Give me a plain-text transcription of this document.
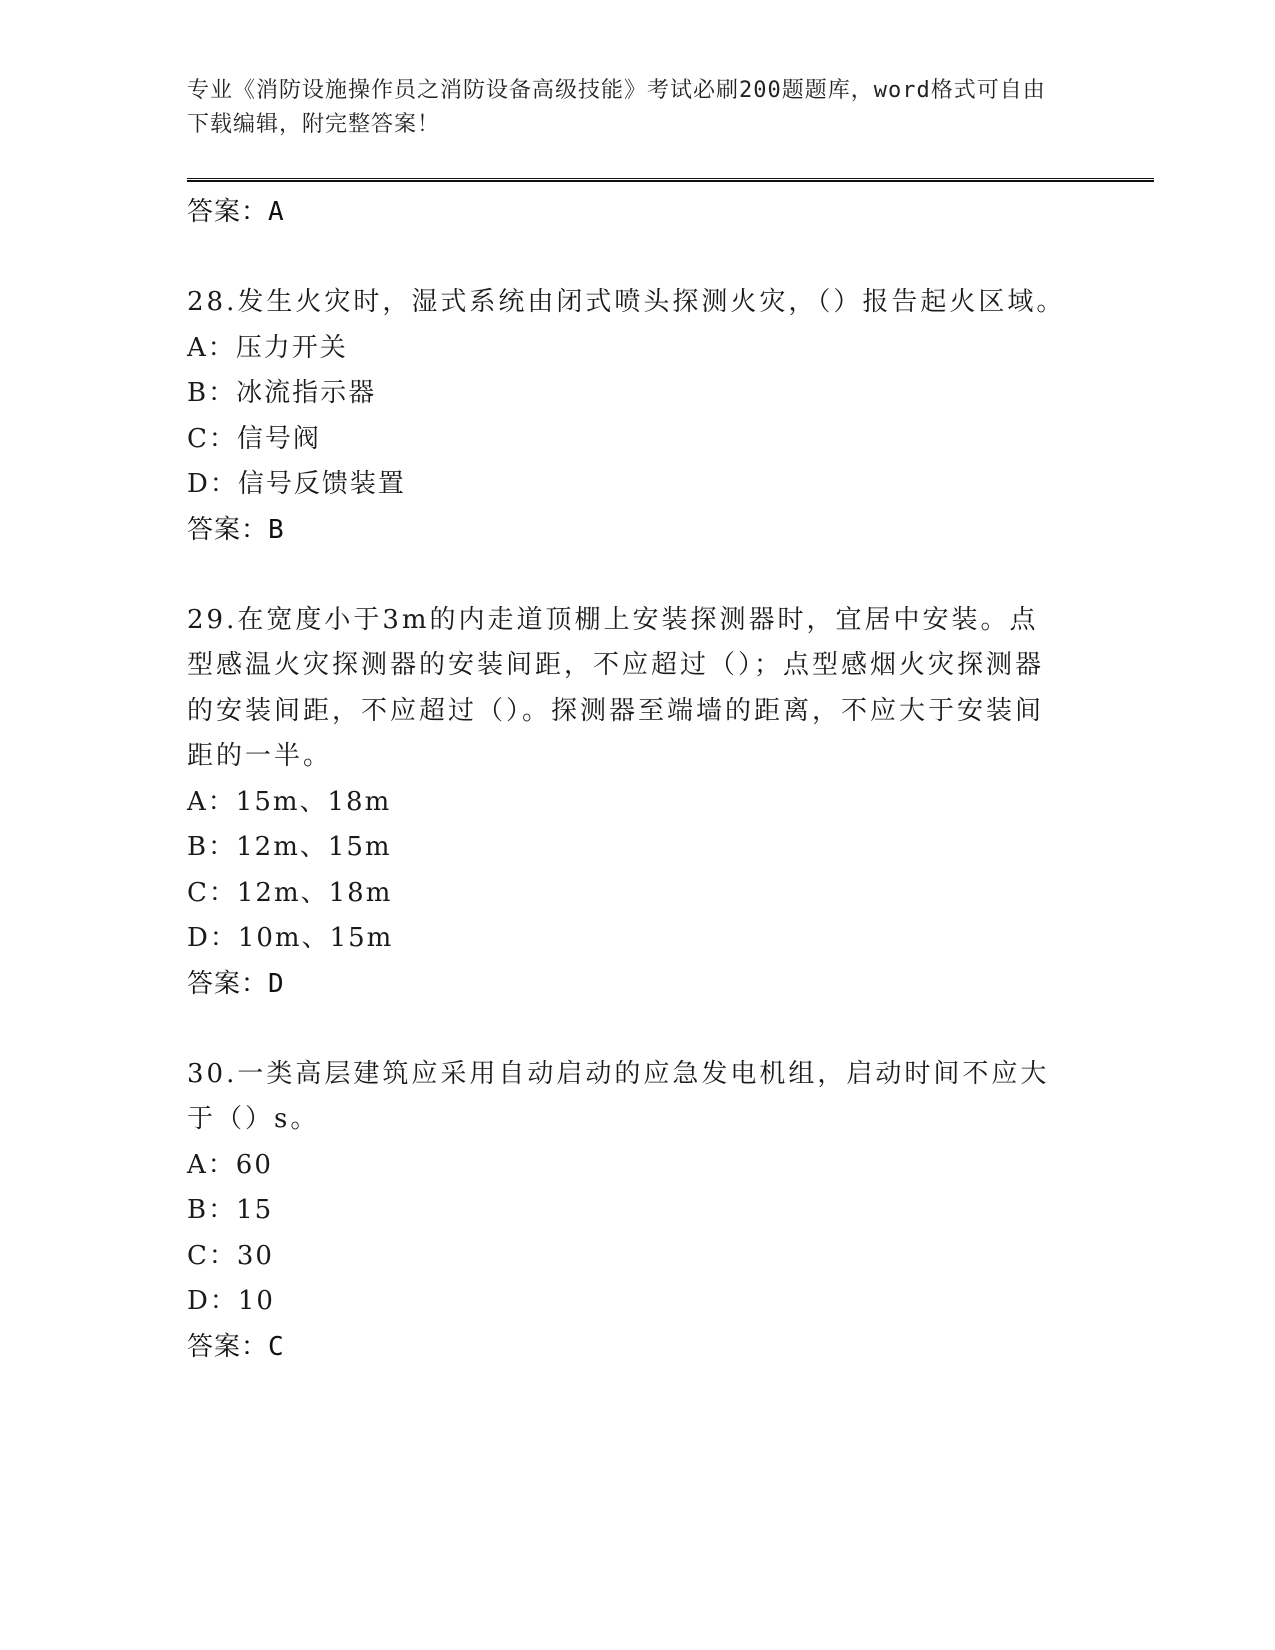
专业《消防设施操作员之消防设备高级技能》考试必刷200题题库，word格式可自由下载编辑，附完整答案！
答案：A
28.发生火灾时，湿式系统由闭式喷头探测火灾，（）报告起火区域。
A：压力开关
B：冰流指示器
C：信号阀
D：信号反馈装置
答案：B
29.在宽度小于3m的内走道顶棚上安装探测器时，宜居中安装。点型感温火灾探测器的安装间距，不应超过（）；点型感烟火灾探测器的安装间距，不应超过（）。探测器至端墙的距离，不应大于安装间距的一半。
A：15m、18m
B：12m、15m
C：12m、18m
D：10m、15m
答案：D
30.一类高层建筑应采用自动启动的应急发电机组，启动时间不应大于（）s。
A：60
B：15
C：30
D：10
答案：C
